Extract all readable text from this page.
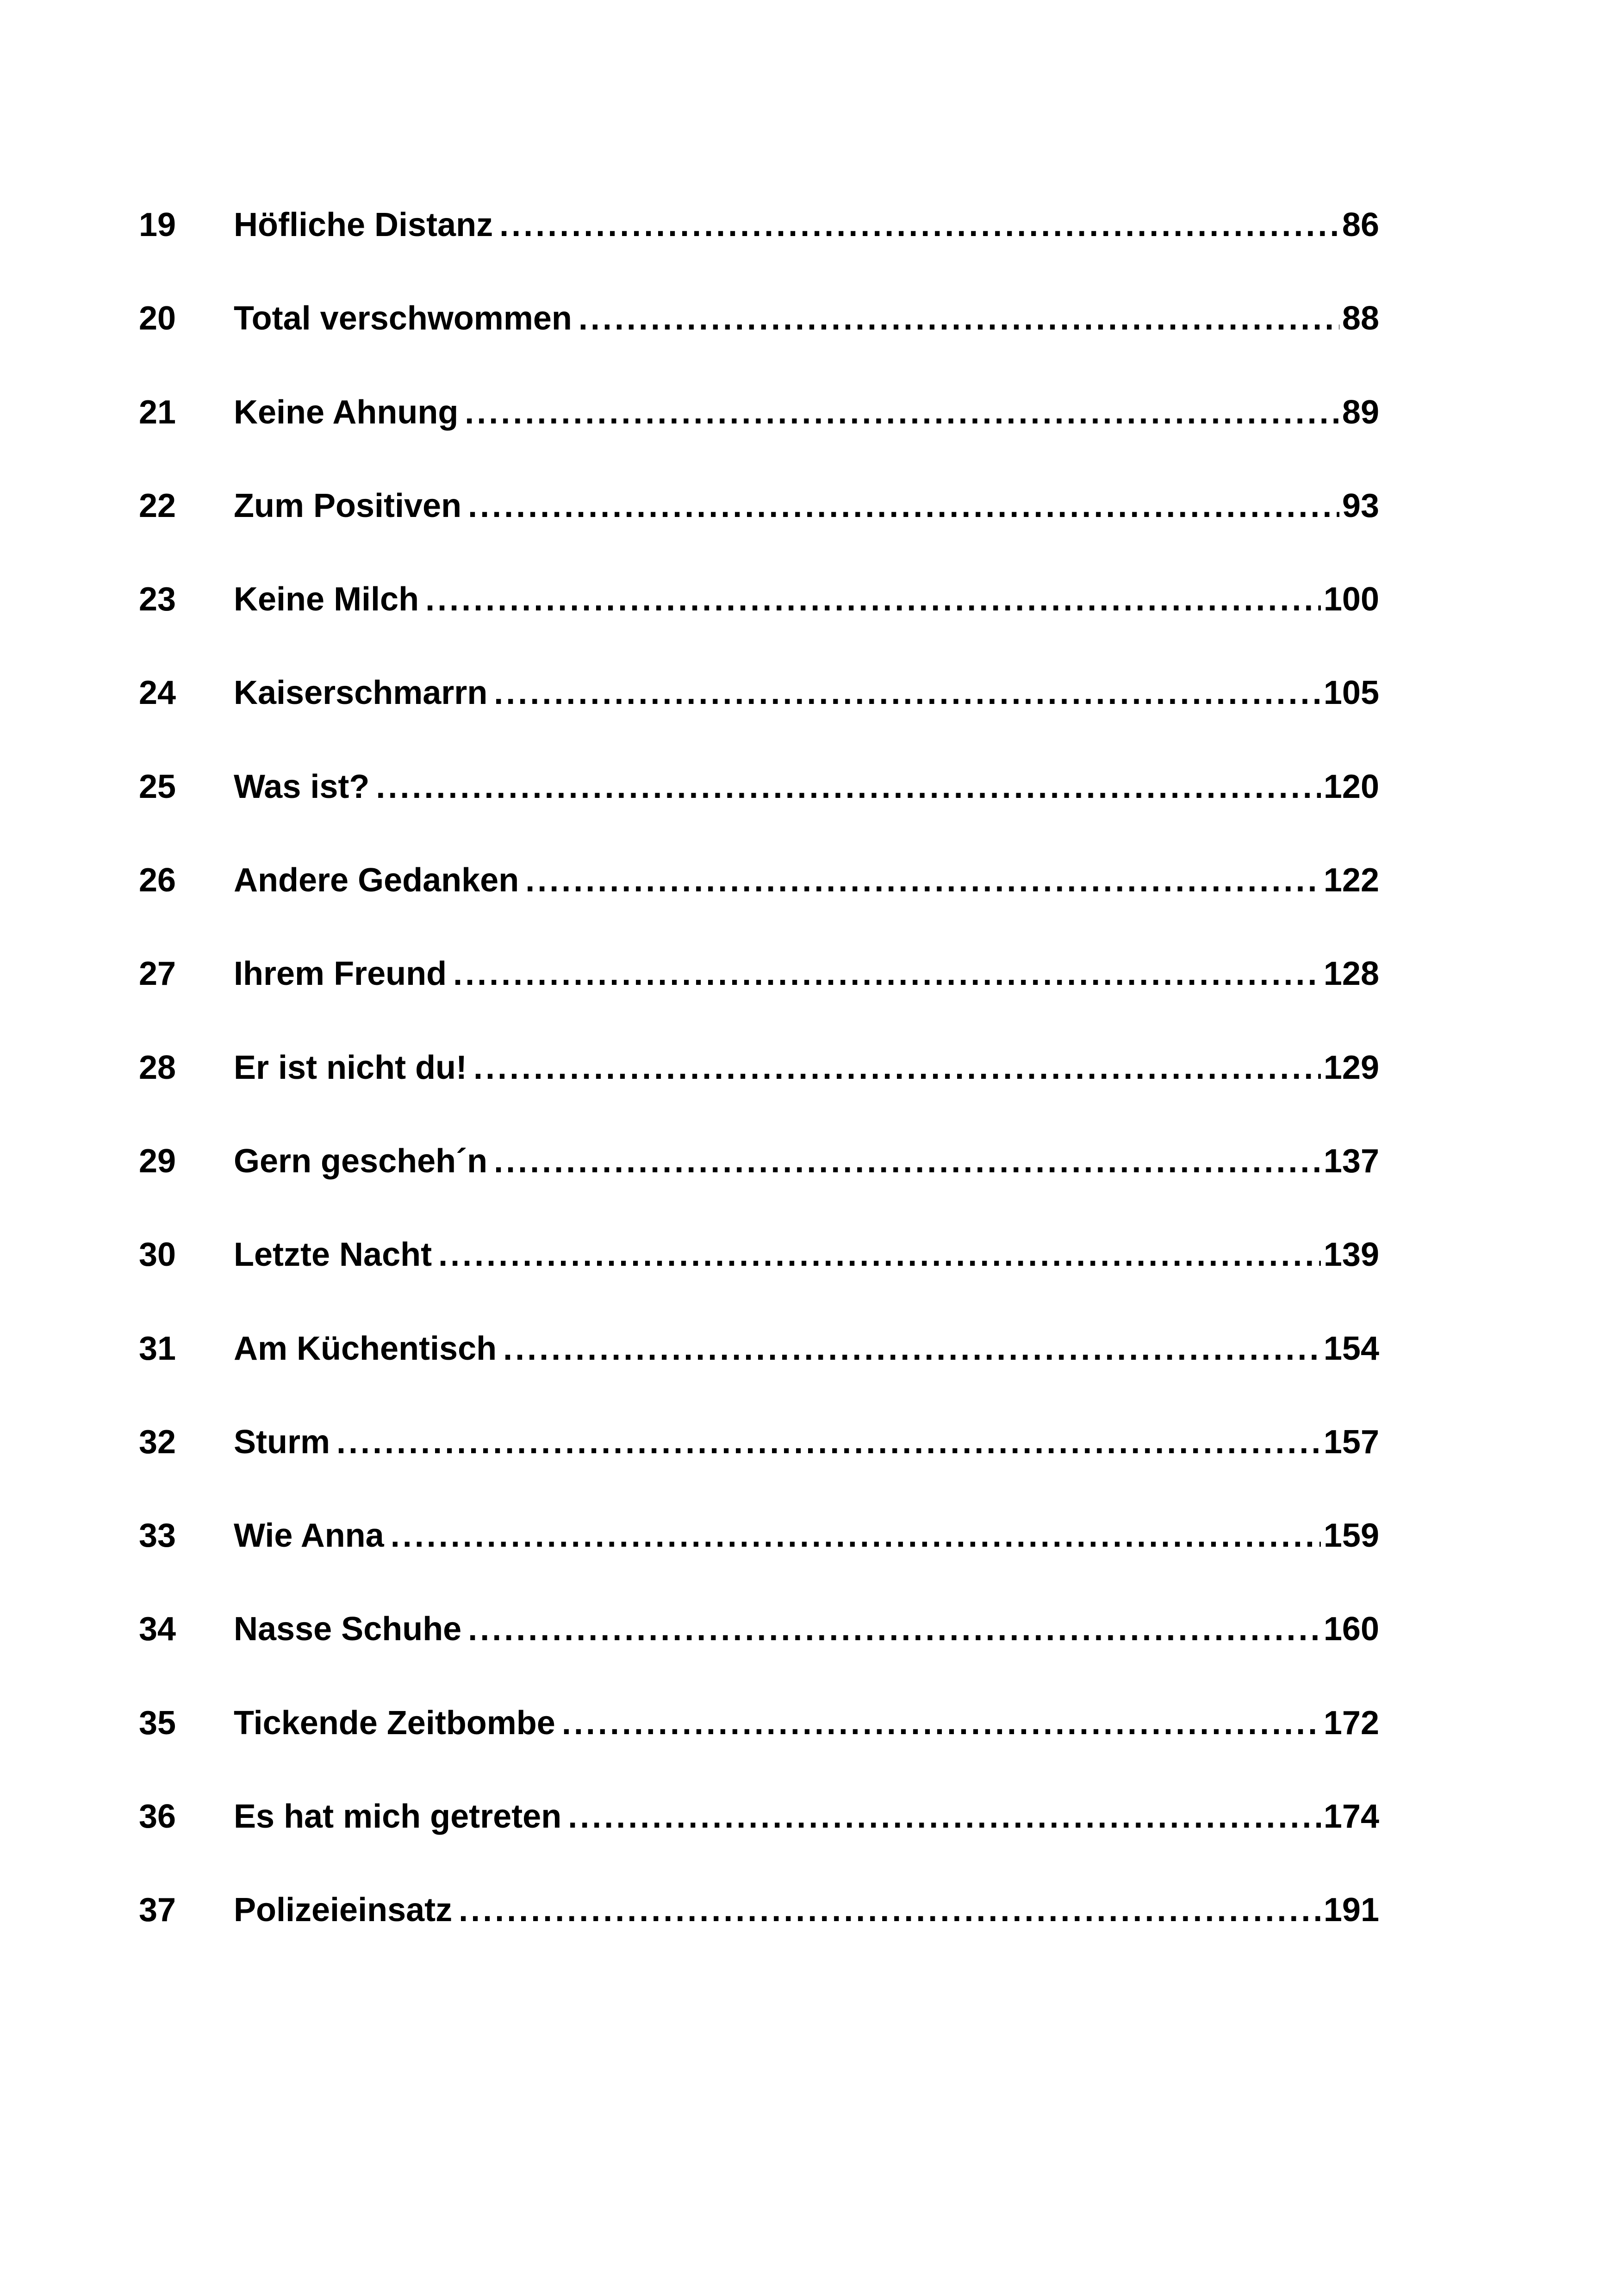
19	Höfliche Distanz .....	86
20	Total verschwommen .....	88
21	Keine Ahnung .....	89
22	Zum Positiven .....	93
23	Keine Milch .....	100
24	Kaiserschmarrn .....	105
25	Was ist? .....	120
26	Andere Gedanken .....	122
27	Ihrem Freund .....	128
28	Er ist nicht du! .....	129
29	Gern gescheh´n .....	137
30	Letzte Nacht .....	139
31	Am Küchentisch .....	154
32	Sturm .....	157
33	Wie Anna .....	159
34	Nasse Schuhe .....	160
35	Tickende Zeitbombe .....	172
36	Es hat mich getreten .....	174
37	Polizeieinsatz .....	191
